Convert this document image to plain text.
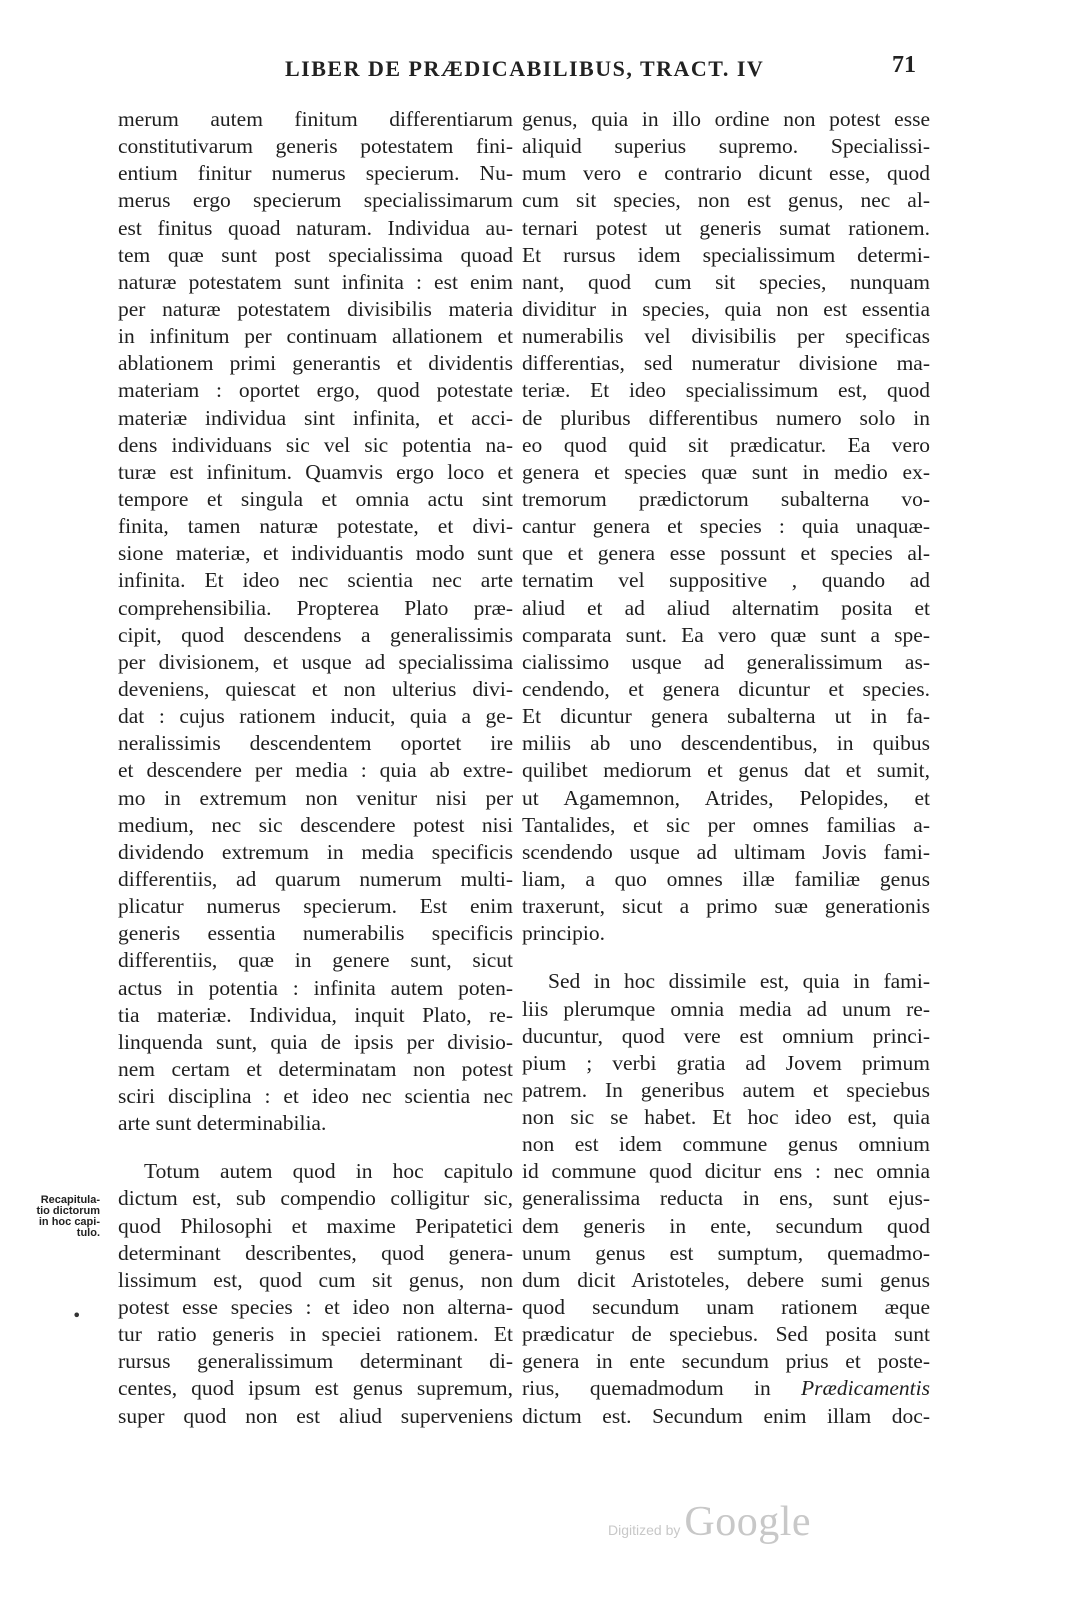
LIBER DE PRÆDICABILIBUS, TRACT. IV	71
merum autem finitum differentiarum
constitutivarum generis potestatem fini-
entium finitur numerus specierum. Nu-
merus ergo specierum specialissimarum
est finitus quoad naturam. Individua au-
tem quæ sunt post specialissima quoad
naturæ potestatem sunt infinita : est enim
per naturæ potestatem divisibilis materia
in infinitum per continuam allationem et
ablationem primi generantis et dividentis
materiam : oportet ergo, quod potestate
materiæ individua sint infinita, et acci-
dens individuans sic vel sic potentia na-
turæ est infinitum. Quamvis ergo loco et
tempore et singula et omnia actu sint
finita, tamen naturæ potestate, et divi-
sione materiæ, et individuantis modo sunt
infinita. Et ideo nec scientia nec arte
comprehensibilia. Propterea Plato præ-
cipit, quod descendens a generalissimis
per divisionem, et usque ad specialissima
deveniens, quiescat et non ulterius divi-
dat : cujus rationem inducit, quia a ge-
neralissimis descendentem oportet ire
et descendere per media : quia ab extre-
mo in extremum non venitur nisi per
medium, nec sic descendere potest nisi
dividendo extremum in media specificis
differentiis, ad quarum numerum multi-
plicatur numerus specierum. Est enim
generis essentia numerabilis specificis
differentiis, quæ in genere sunt, sicut
actus in potentia : infinita autem poten-
tia materiæ. Individua, inquit Plato, re-
linquenda sunt, quia de ipsis per divisio-
nem certam et determinatam non potest
sciri disciplina : et ideo nec scientia nec
arte sunt determinabilia.
Totum autem quod in hoc capitulo
dictum est, sub compendio colligitur sic,
quod Philosophi et maxime Peripatetici
determinant describentes, quod genera-
lissimum est, quod cum sit genus, non
potest esse species : et ideo non alterna-
tur ratio generis in speciei rationem. Et
rursus generalissimum determinant di-
centes, quod ipsum est genus supremum,
super quod non est aliud superveniens
genus, quia in illo ordine non potest esse
aliquid superius supremo. Specialissi-
mum vero e contrario dicunt esse, quod
cum sit species, non est genus, nec al-
ternari potest ut generis sumat rationem.
Et rursus idem specialissimum determi-
nant, quod cum sit species, nunquam
dividitur in species, quia non est essentia
numerabilis vel divisibilis per specificas
differentias, sed numeratur divisione ma-
teriæ. Et ideo specialissimum est, quod
de pluribus differentibus numero solo in
eo quod quid sit prædicatur. Ea vero
genera et species quæ sunt in medio ex-
tremorum prædictorum subalterna vo-
cantur genera et species : quia unaquæ-
que et genera esse possunt et species al-
ternatim vel suppositive , quando ad
aliud et ad aliud alternatim posita et
comparata sunt. Ea vero quæ sunt a spe-
cialissimo usque ad generalissimum as-
cendendo, et genera dicuntur et species.
Et dicuntur genera subalterna ut in fa-
miliis ab uno descendentibus, in quibus
quilibet mediorum et genus dat et sumit,
ut Agamemnon, Atrides, Pelopides, et
Tantalides, et sic per omnes familias a-
scendendo usque ad ultimam Jovis fami-
liam, a quo omnes illæ familiæ genus
traxerunt, sicut a primo suæ generationis
principio.
Sed in hoc dissimile est, quia in fami-
liis plerumque omnia media ad unum re-
ducuntur, quod vere est omnium princi-
pium ; verbi gratia ad Jovem primum
patrem. In generibus autem et speciebus
non sic se habet. Et hoc ideo est, quia
non est idem commune genus omnium
id commune quod dicitur ens : nec omnia
generalissima reducta in ens, sunt ejus-
dem generis in ente, secundum quod
unum genus est sumptum, quemadmo-
dum dicit Aristoteles, debere sumi genus
quod secundum unam rationem æque
prædicatur de speciebus. Sed posita sunt
genera in ente secundum prius et poste-
rius, quemadmodum in Prædicamentis
dictum est. Secundum enim illam doc-
Recapitula-
tio dictorum
in hoc capi-
tulo.
•
Digitized by Google
